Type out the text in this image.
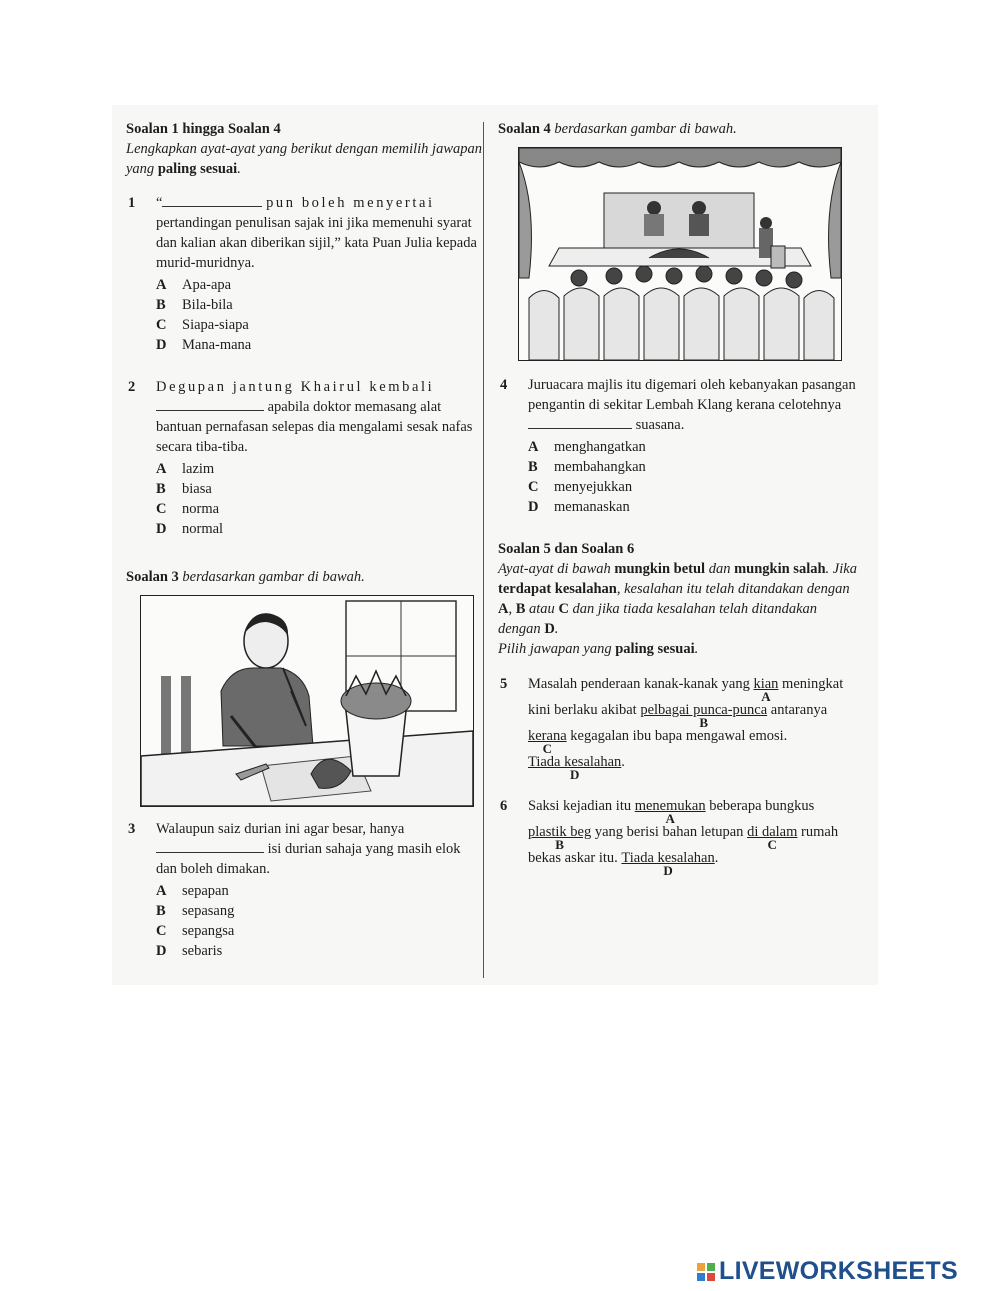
Soalan 1 hingga Soalan 4
Lengkapkan ayat-ayat yang berikut dengan memilih jawapan yang paling sesuai.
1 “	pun boleh menyertai pertandingan penulisan sajak ini jika memenuhi syarat dan kalian akan diberikan sijil,” kata Puan Julia kepada murid-muridnya.
A	Apa-apa
B	Bila-bila
C	Siapa-siapa
D	Mana-mana
2 Degupan jantung Khairul kembali
apabila doktor memasang alat bantuan pernafasan selepas dia mengalami sesak nafas secara tiba-tiba.
A	lazim
B	biasa
C	norma
D	normal
Soalan 3 berdasarkan gambar di bawah.
3 Walaupun saiz durian ini agar besar, hanya
isi durian sahaja yang masih elok dan boleh dimakan.
A	sepapan
B	sepasang
C	sepangsa
D	sebaris
Soalan 4 berdasarkan gambar di bawah.
4 Juruacara majlis itu digemari oleh kebanyakan pasangan pengantin di sekitar Lembah Klang kerana celotehnya  suasana.
A	menghangatkan
B	membahangkan
C	menyejukkan
D	memanaskan
Soalan 5 dan Soalan 6
Ayat-ayat di bawah mungkin betul dan mungkin salah. Jika terdapat kesalahan, kesalahan itu telah ditandakan dengan A, B atau C dan jika tiada kesalahan telah ditandakan dengan D.
Pilih jawapan yang paling sesuai.
5 Masalah penderaan kanak-kanak yang kian
A
meningkat kini berlaku akibat pelbagai punca-punca
B
antaranya kerana
C
kegagalan ibu bapa mengawal emosi. Tiada kesalahan
D
.
6 Saksi kejadian itu menemukan
A
beberapa bungkus plastik beg
B
yang berisi bahan letupan di dalam
C
rumah bekas askar itu. Tiada kesalahan
D
.
LIVEWORKSHEETS
